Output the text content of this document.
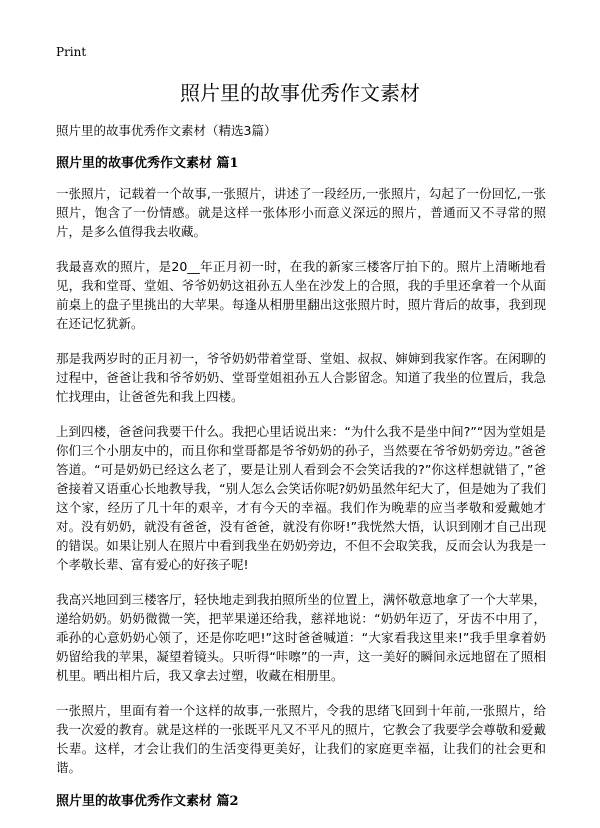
Print
照片里的故事优秀作文素材

照片里的故事优秀作文素材（精选3篇）

照片里的故事优秀作文素材 篇1

一张照片，记载着一个故事,一张照片，讲述了一段经历,一张照片，勾起了一份回忆,一张照片，饱含了一份情感。就是这样一张体形小而意义深远的照片，普通而又不寻常的照片，是多么值得我去收藏。

我最喜欢的照片，是20__年正月初一时，在我的新家三楼客厅拍下的。照片上清晰地看见，我和堂哥、堂姐、爷爷奶奶这祖孙五人坐在沙发上的合照，我的手里还拿着一个从面前桌上的盘子里挑出的大苹果。每逢从相册里翻出这张照片时，照片背后的故事，我到现在还记忆犹新。

那是我两岁时的正月初一，爷爷奶奶带着堂哥、堂姐、叔叔、婶婶到我家作客。在闲聊的过程中，爸爸让我和爷爷奶奶、堂哥堂姐祖孙五人合影留念。知道了我坐的位置后，我急忙找理由，让爸爸先和我上四楼。

上到四楼，爸爸问我要干什么。我把心里话说出来：“为什么我不是坐中间?”“因为堂姐是你们三个小朋友中的，而且你和堂哥都是爷爷奶奶的孙子，当然要在爷爷奶奶旁边。”爸爸答道。“可是奶奶已经这么老了，要是让别人看到会不会笑话我的?”你这样想就错了，”爸爸接着又语重心长地教导我，“别人怎么会笑话你呢?奶奶虽然年纪大了，但是她为了我们这个家，经历了几十年的艰辛，才有今天的幸福。我们作为晚辈的应当孝敬和爱戴她才对。没有奶奶，就没有爸爸，没有爸爸，就没有你呀!”我恍然大悟，认识到刚才自己出现的错误。如果让别人在照片中看到我坐在奶奶旁边，不但不会取笑我，反而会认为我是一个孝敬长辈、富有爱心的好孩子呢!

我高兴地回到三楼客厅，轻快地走到我拍照所坐的位置上，满怀敬意地拿了一个大苹果，递给奶奶。奶奶微微一笑，把苹果递还给我，慈祥地说：“奶奶年迈了，牙齿不中用了，乖孙的心意奶奶心领了，还是你吃吧!”这时爸爸喊道：“大家看我这里来!”我手里拿着奶奶留给我的苹果，凝望着镜头。只听得“咔嚓”的一声，这一美好的瞬间永远地留在了照相机里。晒出相片后，我又拿去过塑，收藏在相册里。

一张照片，里面有着一个这样的故事,一张照片，令我的思绪飞回到十年前,一张照片，给我一次爱的教育。就是这样的一张既平凡又不平凡的照片，它教会了我要学会尊敬和爱戴长辈。这样，才会让我们的生活变得更美好，让我们的家庭更幸福，让我们的社会更和谐。

照片里的故事优秀作文素材 篇2
